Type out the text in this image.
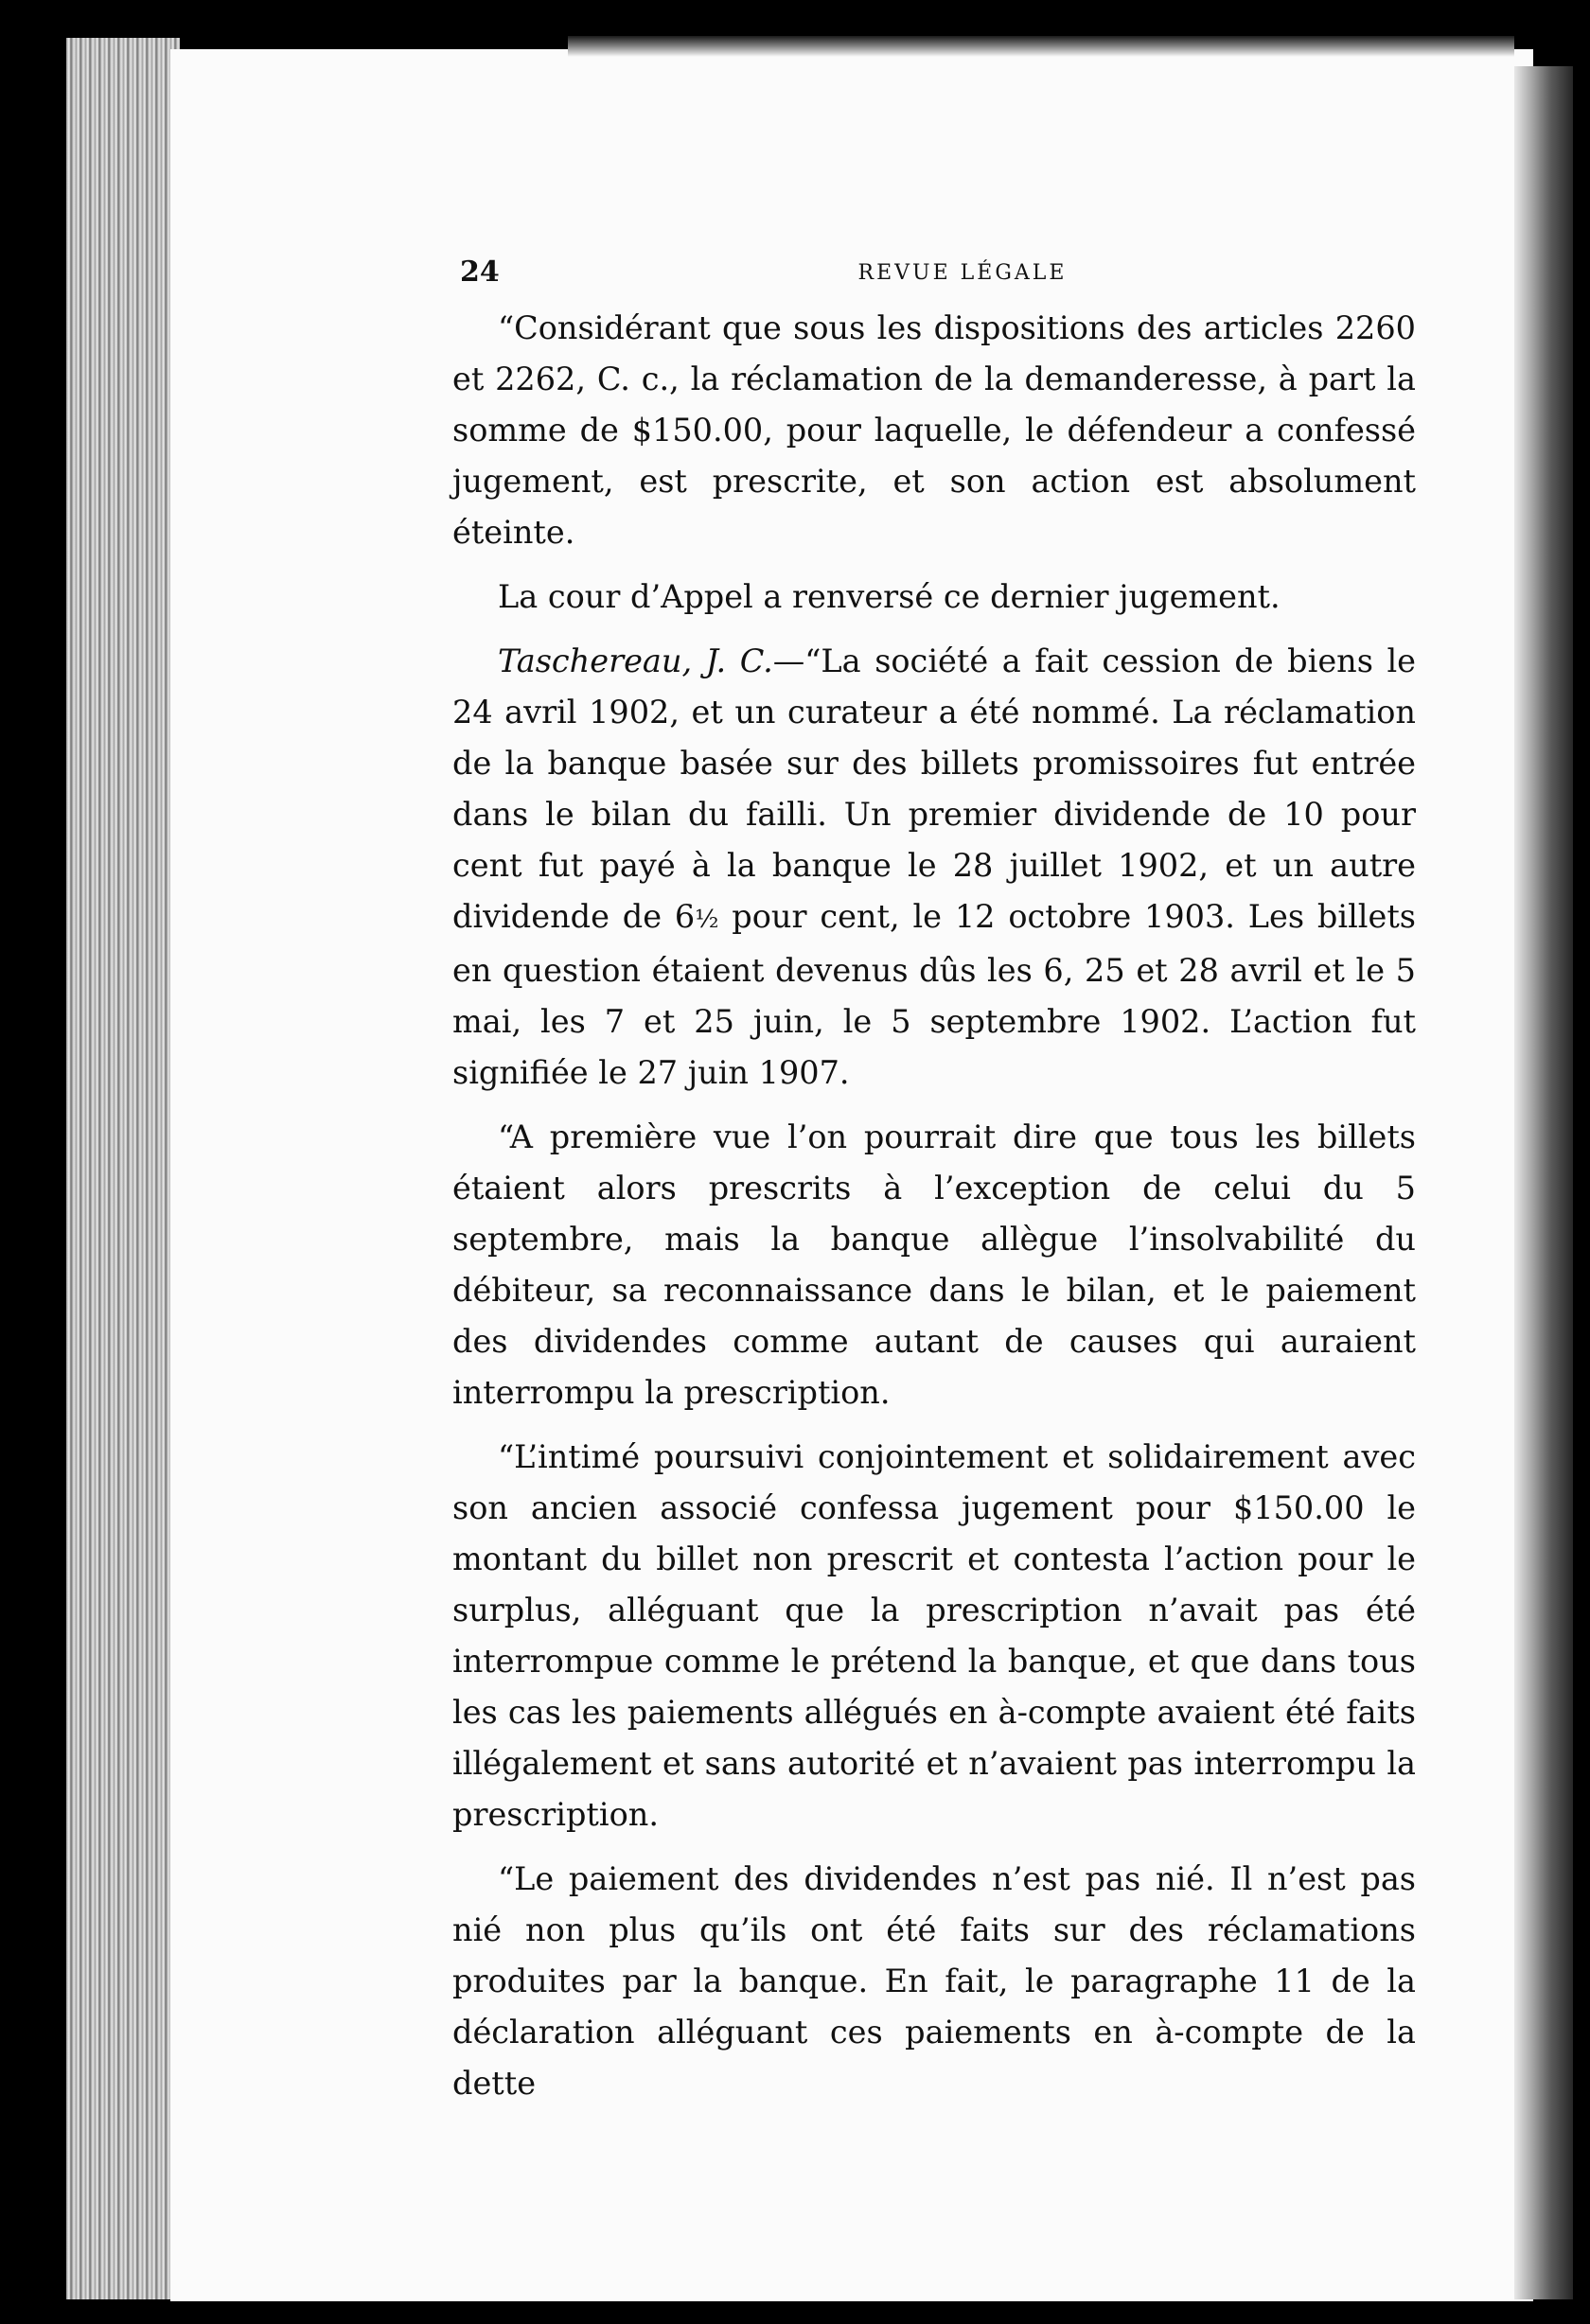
24	REVUE LÉGALE

“Considérant que sous les dispositions des articles 2260 et 2262, C. c., la réclamation de la demanderesse, à part la somme de $150.00, pour laquelle, le défendeur a confessé jugement, est prescrite, et son action est absolument éteinte.

La cour d’Appel a renversé ce dernier jugement.

Taschereau, J. C.—“La société a fait cession de biens le 24 avril 1902, et un curateur a été nommé. La réclamation de la banque basée sur des billets promissoires fut entrée dans le bilan du failli. Un premier dividende de 10 pour cent fut payé à la banque le 28 juillet 1902, et un autre dividende de 6½ pour cent, le 12 octobre 1903. Les billets en question étaient devenus dûs les 6, 25 et 28 avril et le 5 mai, les 7 et 25 juin, le 5 septembre 1902. L’action fut signifiée le 27 juin 1907.

“A première vue l’on pourrait dire que tous les billets étaient alors prescrits à l’exception de celui du 5 septembre, mais la banque allègue l’insolvabilité du débiteur, sa reconnaissance dans le bilan, et le paiement des dividendes comme autant de causes qui auraient interrompu la prescription.

“L’intimé poursuivi conjointement et solidairement avec son ancien associé confessa jugement pour $150.00 le montant du billet non prescrit et contesta l’action pour le surplus, alléguant que la prescription n’avait pas été interrompue comme le prétend la banque, et que dans tous les cas les paiements allégués en à-compte avaient été faits illégalement et sans autorité et n’avaient pas interrompu la prescription.

“Le paiement des dividendes n’est pas nié. Il n’est pas nié non plus qu’ils ont été faits sur des réclamations produites par la banque. En fait, le paragraphe 11 de la déclaration alléguant ces paiements en à-compte de la dette
